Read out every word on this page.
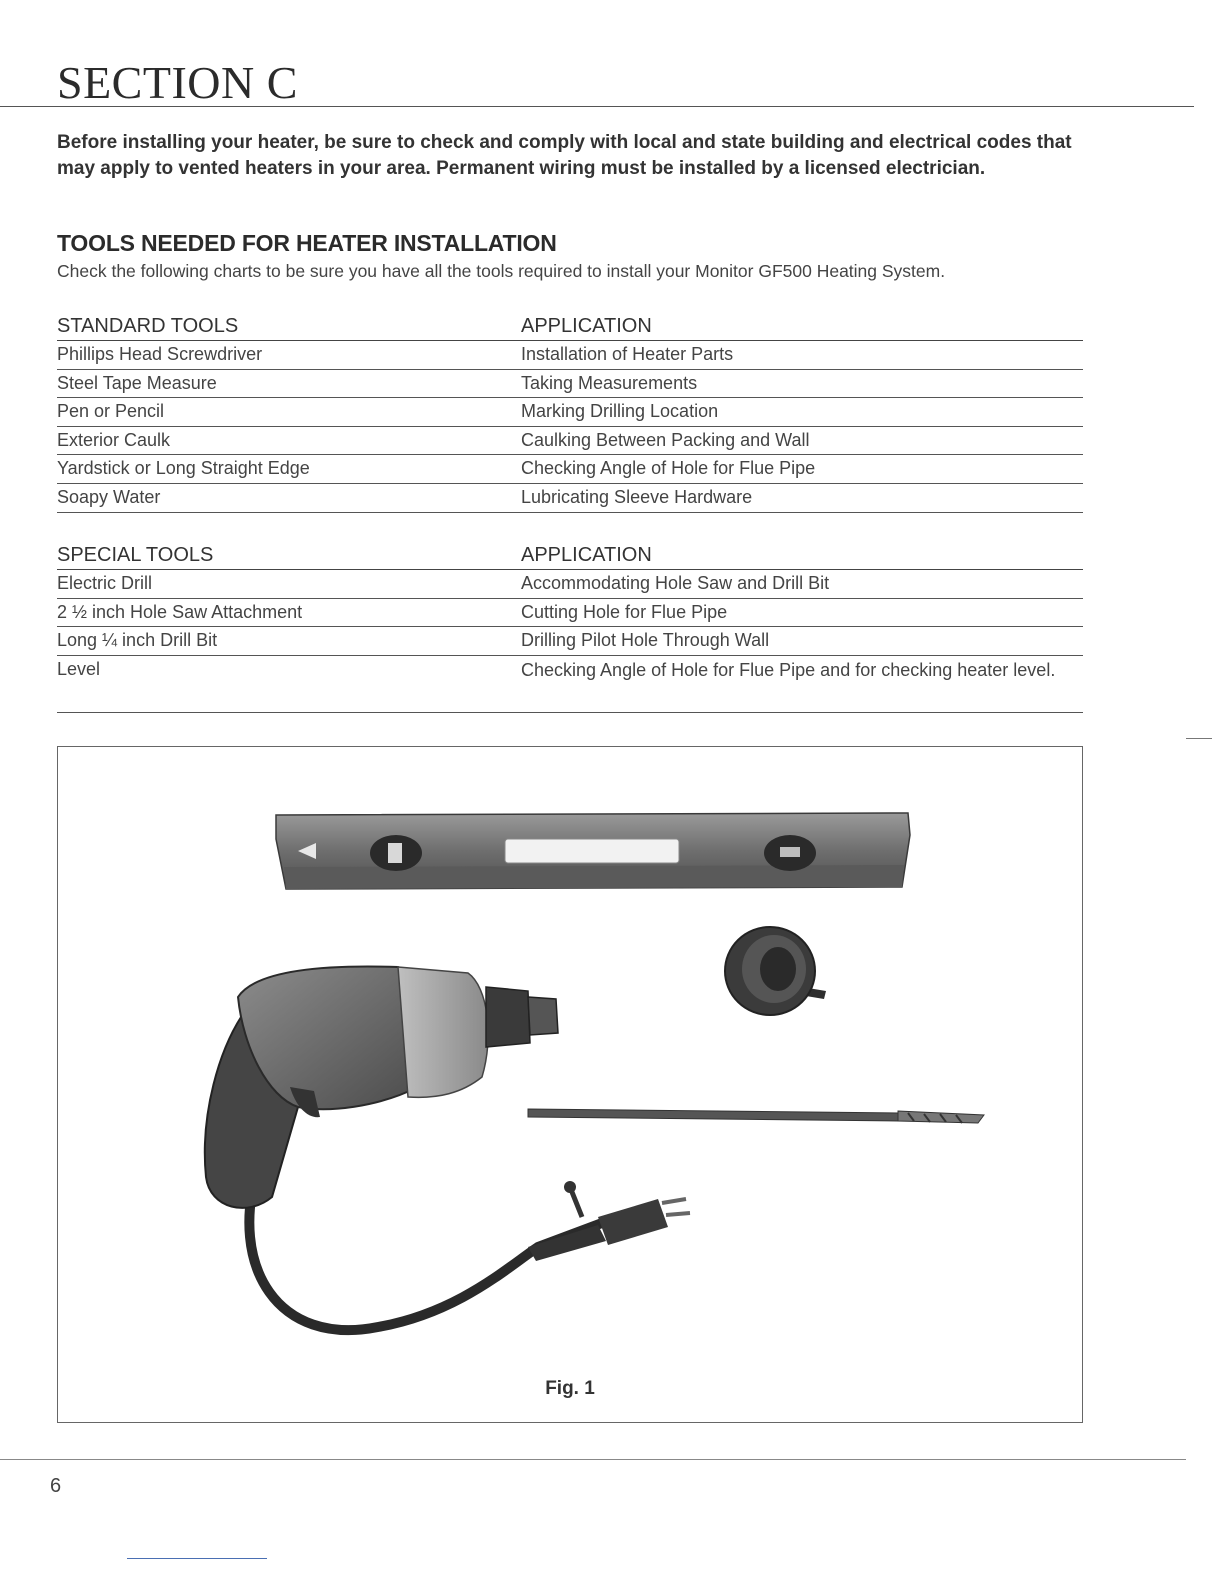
SECTION C

Before installing your heater, be sure to check and comply with local and state building and electrical codes that may apply to vented heaters in your area. Permanent wiring must be installed by a licensed electrician.

TOOLS NEEDED FOR HEATER INSTALLATION

Check the following charts to be sure you have all the tools required to install your Monitor GF500 Heating System.

STANDARD TOOLS	APPLICATION
Phillips Head Screwdriver	Installation of Heater Parts
Steel Tape Measure	Taking Measurements
Pen or Pencil	Marking Drilling Location
Exterior Caulk	Caulking Between Packing and Wall
Yardstick or Long Straight Edge	Checking Angle of Hole for Flue Pipe
Soapy Water	Lubricating Sleeve Hardware
SPECIAL TOOLS	APPLICATION
Electric Drill	Accommodating Hole Saw and Drill Bit
2 ½ inch Hole Saw Attachment	Cutting Hole for Flue Pipe
Long ¼ inch Drill Bit	Drilling Pilot Hole Through Wall
Level	Checking Angle of Hole for Flue Pipe and for checking heater level.
Fig. 1
6
